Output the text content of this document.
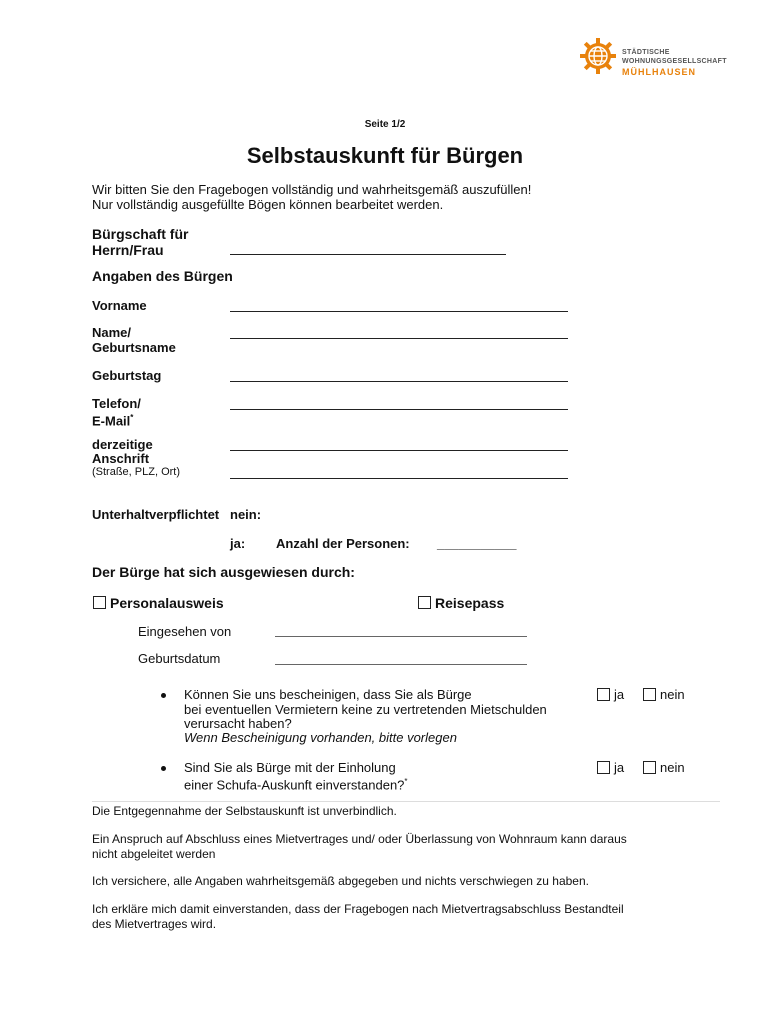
STÄDTISCHE
WOHNUNGSGESELLSCHAFT
MÜHLHAUSEN
Seite 1/2
Selbstauskunft für Bürgen
Wir bitten Sie den Fragebogen vollständig und wahrheitsgemäß auszufüllen!
Nur vollständig ausgefüllte Bögen können bearbeitet werden.
Bürgschaft für
Herrn/Frau
Angaben des Bürgen
Vorname
Name/
Geburtsname
Geburtstag
Telefon/
E-Mail*
derzeitige
Anschrift
(Straße, PLZ, Ort)
Unterhaltverpflichtet nein:
ja: Anzahl der Personen: ___________
Der Bürge hat sich ausgewiesen durch:
Personalausweis	Reisepass
Eingesehen von
Geburtsdatum
Können Sie uns bescheinigen, dass Sie als Bürge
bei eventuellen Vermietern keine zu vertretenden Mietschulden
verursacht haben?
Wenn Bescheinigung vorhanden, bitte vorlegen
ja	nein
Sind Sie als Bürge mit der Einholung
einer Schufa-Auskunft einverstanden?*
ja	nein
Die Entgegennahme der Selbstauskunft ist unverbindlich.
Ein Anspruch auf Abschluss eines Mietvertrages und/ oder Überlassung von Wohnraum kann daraus
nicht abgeleitet werden
Ich versichere, alle Angaben wahrheitsgemäß abgegeben und nichts verschwiegen zu haben.
Ich erkläre mich damit einverstanden, dass der Fragebogen nach Mietvertragsabschluss Bestandteil
des Mietvertrages wird.
